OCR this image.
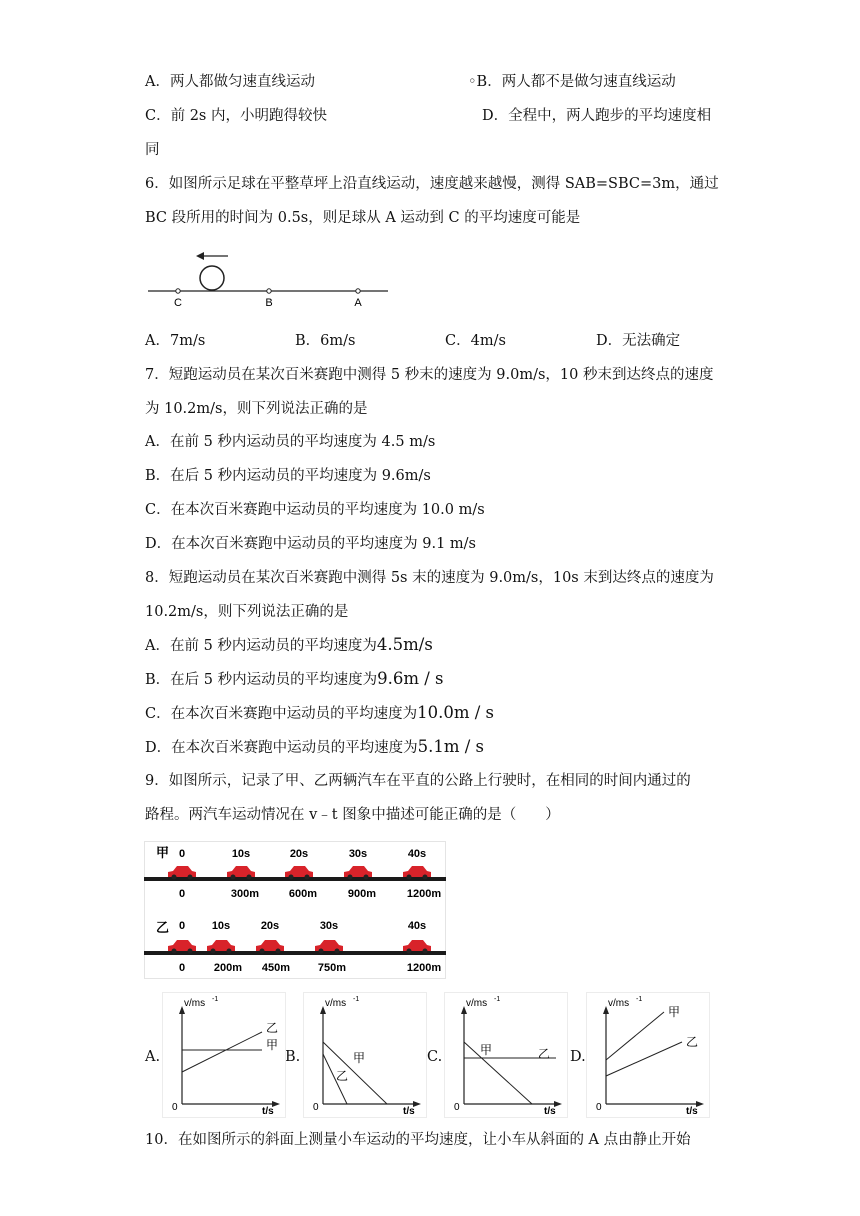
A．两人都做匀速直线运动	◦B．两人都不是做匀速直线运动
C．前 2s 内，小明跑得较快	D．全程中，两人跑步的平均速度相
同
6．如图所示足球在平整草坪上沿直线运动，速度越来越慢，测得 SAB=SBC=3m，通过
BC 段所用的时间为 0.5s，则足球从 A 运动到 C 的平均速度可能是
C	B	A
A．7m/s	B．6m/s	C．4m/s	D．无法确定
7．短跑运动员在某次百米赛跑中测得 5 秒末的速度为 9.0m/s，10 秒末到达终点的速度
为 10.2m/s，则下列说法正确的是
A．在前 5 秒内运动员的平均速度为 4.5 m/s
B．在后 5 秒内运动员的平均速度为 9.6m/s
C．在本次百米赛跑中运动员的平均速度为 10.0 m/s
D．在本次百米赛跑中运动员的平均速度为 9.1 m/s
8．短跑运动员在某次百米赛跑中测得 5s 末的速度为 9.0m/s，10s 末到达终点的速度为
10.2m/s，则下列说法正确的是
A．在前 5 秒内运动员的平均速度为4.5m/s
B．在后 5 秒内运动员的平均速度为9.6m / s
C．在本次百米赛跑中运动员的平均速度为10.0m / s
D．在本次百米赛跑中运动员的平均速度为5.1m / s
9．如图所示，记录了甲、乙两辆汽车在平直的公路上行驶时，在相同的时间内通过的
路程。两汽车运动情况在 v﹣t 图象中描述可能正确的是（　　）
甲 0	10s	20s	30s	40s
0	300m	600m	900m	1200m
乙 0 10s	20s	30s	40s
0	200m 450m	750m	1200m
A.	B.	C.	D.
v/ms -1
0	t/s
乙
甲
v/ms -1
0	t/s
甲
乙
v/ms -1
0	t/s
甲	乙
v/ms -1
0	t/s
甲
乙
10．在如图所示的斜面上测量小车运动的平均速度，让小车从斜面的 A 点由静止开始
